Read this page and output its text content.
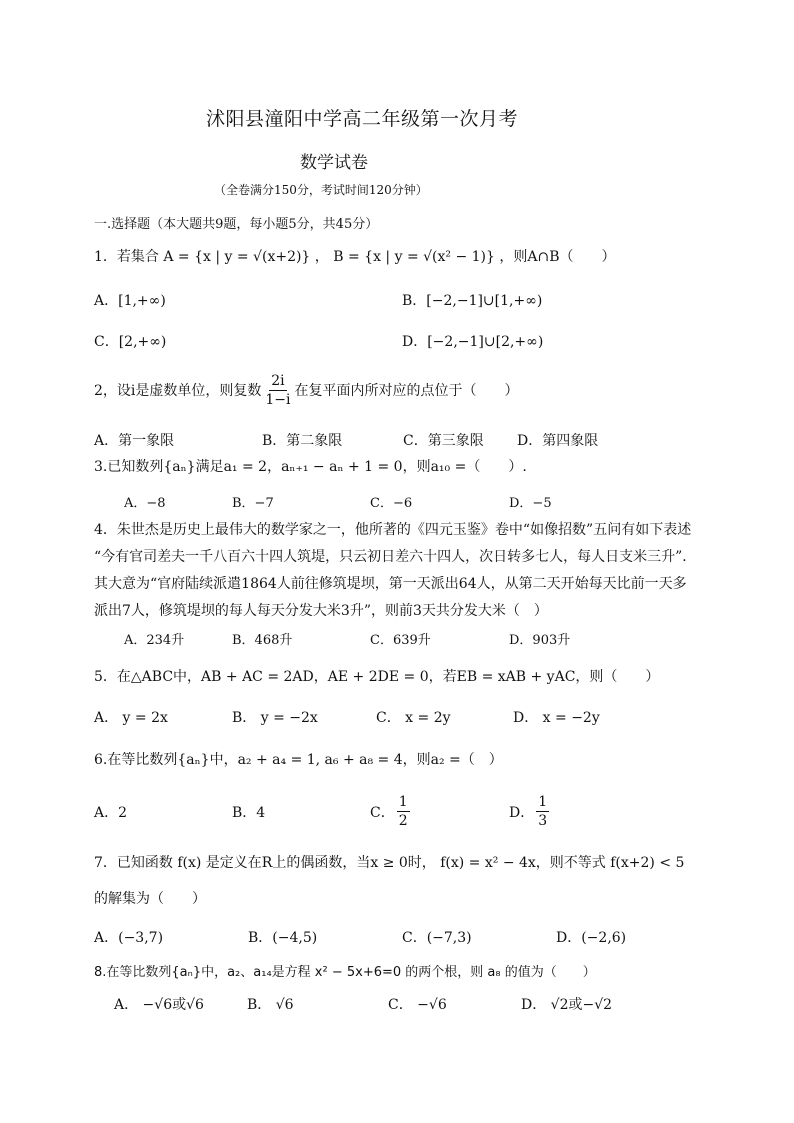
沭阳县潼阳中学高二年级第一次月考
数学试卷
（全卷满分150分，考试时间120分钟）
一.选择题（本大题共9题，每小题5分，共45分）
1．若集合 A = {x | y = √(x+2)} ， B = {x | y = √(x² − 1)} ，则A∩B（　　）
A．[1,+∞)	B．[−2,−1]∪[1,+∞)
C．[2,+∞)	D．[−2,−1]∪[2,+∞)
2，设i是虚数单位，则复数 $\frac{2i}{1-i}$ 在复平面内所对应的点位于（　　）
A．第一象限	B．第二象限	C．第三象限 D．第四象限
3.已知数列{aₙ}满足a₁ = 2，aₙ₊₁ − aₙ + 1 = 0，则a₁₀ =（　　）.
A．−8	B．−7	C．−6	D．−5
4．朱世杰是历史上最伟大的数学家之一，他所著的《四元玉鉴》卷中“如像招数”五问有如下表述
“今有官司差夫一千八百六十四人筑堤，只云初日差六十四人，次日转多七人，每人日支米三升”．
其大意为“官府陆续派遣1864人前往修筑堤坝，第一天派出64人，从第二天开始每天比前一天多
派出7人，修筑堤坝的每人每天分发大米3升”，则前3天共分发大米（　）
A．234升	B．468升	C．639升	D．903升
5．在△ABC中，AB + AC = 2AD，AE + 2DE = 0，若EB = xAB + yAC，则（　　）
A． y = 2x	B． y = −2x	C． x = 2y	D． x = −2y
6.在等比数列{aₙ}中，a₂ + a₄ = 1, a₆ + a₈ = 4，则a₂ =（　）
A．2	B．4	C． $\frac{1}{2}$	D． $\frac{1}{3}$
7．已知函数 f(x) 是定义在R上的偶函数，当x ≥ 0时， f(x) = x² − 4x，则不等式 f(x+2) < 5
的解集为（　　）
A．(−3,7)	B．(−4,5)	C．(−7,3)	D．(−2,6)
8.在等比数列{aₙ}中，a₂、a₁₄是方程 x² − 5x+6=0 的两个根，则 a₈ 的值为（　　）
A． −√6或√6	B． √6	C． −√6	D． √2或−√2
